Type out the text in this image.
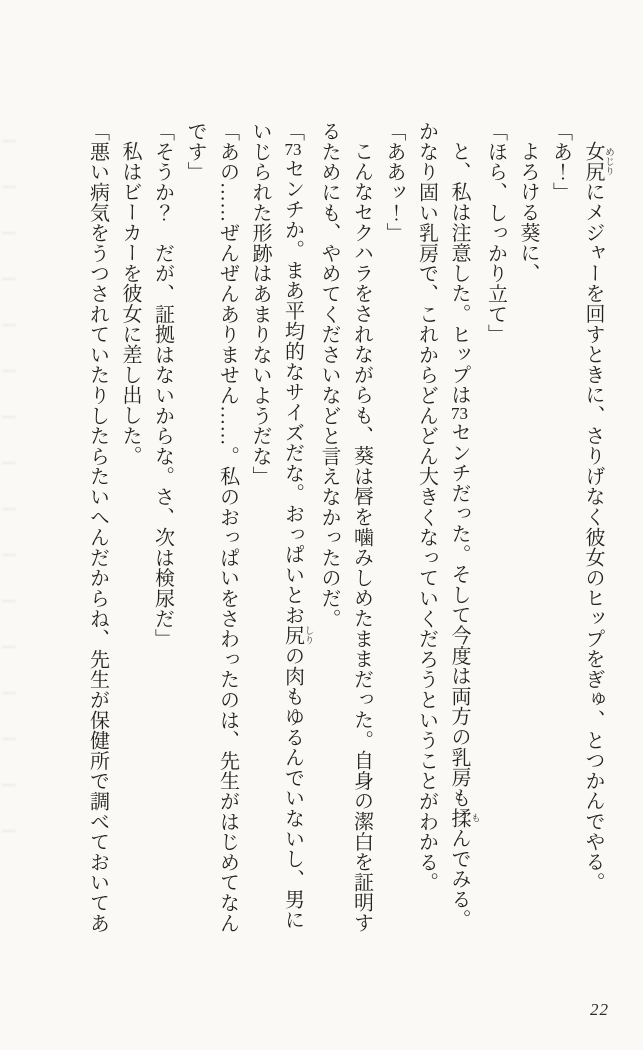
女尻 めじりにメジャーを回すときに、さりげなく彼女のヒップをぎゅ、とつかんでやる。

「あ！」

よろける葵に、

「ほら、しっかり立て」

と、私は注意した。ヒップは73センチだった。そして今度は両方の乳房も揉 もんでみる。

かなり固い乳房で、これからどんどん大きくなっていくだろうということがわかる。

「ああッ！」

こんなセクハラをされながらも、葵は唇を噛みしめたままだった。自身の潔白を証明す

るためにも、やめてくださいなどと言えなかったのだ。

「73センチか。まあ平均的なサイズだな。おっぱいとお尻 しりの肉もゆるんでいないし、男に

いじられた形跡はあまりないようだな」

「あの……ぜんぜんありません……。私のおっぱいをさわったのは、先生がはじめてなん

です」

「そうか？　だが、証拠はないからな。さ、次は検尿だ」

私はビーカーを彼女に差し出した。

「悪い病気をうつされていたりしたらたいへんだからね、先生が保健所で調べておいてあ

22
